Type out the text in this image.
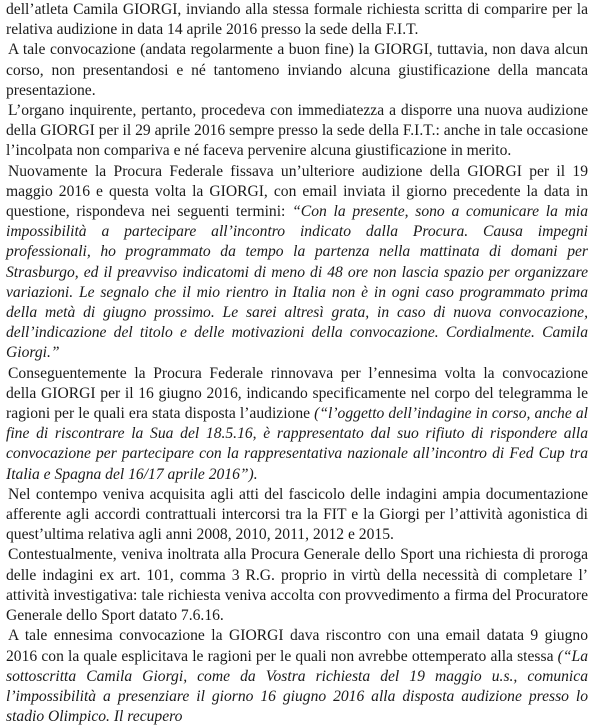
dell’atleta Camila GIORGI, inviando alla stessa formale richiesta scritta di comparire per la relativa audizione in data 14 aprile 2016 presso la sede della F.I.T.

A tale convocazione (andata regolarmente a buon fine) la GIORGI, tuttavia, non dava alcun corso, non presentandosi e né tantomeno inviando alcuna giustificazione della mancata presentazione.

L’organo inquirente, pertanto, procedeva con immediatezza a disporre una nuova audizione della GIORGI per il 29 aprile 2016 sempre presso la sede della F.I.T.: anche in tale occasione l’incolpata non compariva e né faceva pervenire alcuna giustificazione in merito.

Nuovamente la Procura Federale fissava un’ulteriore audizione della GIORGI per il 19 maggio 2016 e questa volta la GIORGI, con email inviata il giorno precedente la data in questione, rispondeva nei seguenti termini: “Con la presente, sono a comunicare la mia impossibilità a partecipare all’incontro indicato dalla Procura. Causa impegni professionali, ho programmato da tempo la partenza nella mattinata di domani per Strasburgo, ed il preavviso indicatomi di meno di 48 ore non lascia spazio per organizzare variazioni. Le segnalo che il mio rientro in Italia non è in ogni caso programmato prima della metà di giugno prossimo. Le sarei altresì grata, in caso di nuova convocazione, dell’indicazione del titolo e delle motivazioni della convocazione. Cordialmente. Camila Giorgi.”

Conseguentemente la Procura Federale rinnovava per l’ennesima volta la convocazione della GIORGI per il 16 giugno 2016, indicando specificamente nel corpo del telegramma le ragioni per le quali era stata disposta l’audizione (“l’oggetto dell’indagine in corso, anche al fine di riscontrare la Sua del 18.5.16, è rappresentato dal suo rifiuto di rispondere alla convocazione per partecipare con la rappresentativa nazionale all’incontro di Fed Cup tra Italia e Spagna del 16/17 aprile 2016”).

Nel contempo veniva acquisita agli atti del fascicolo delle indagini ampia documentazione afferente agli accordi contrattuali intercorsi tra la FIT e la Giorgi per l’attività agonistica di quest’ultima relativa agli anni 2008, 2010, 2011, 2012 e 2015.

Contestualmente, veniva inoltrata alla Procura Generale dello Sport una richiesta di proroga delle indagini ex art. 101, comma 3 R.G. proprio in virtù della necessità di completare l’ attività investigativa: tale richiesta veniva accolta con provvedimento a firma del Procuratore Generale dello Sport datato 7.6.16.

A tale ennesima convocazione la GIORGI dava riscontro con una email datata 9 giugno 2016 con la quale esplicitava le ragioni per le quali non avrebbe ottemperato alla stessa (“La sottoscritta Camila Giorgi, come da Vostra richiesta del 19 maggio u.s., comunica l’impossibilità a presenziare il giorno 16 giugno 2016 alla disposta audizione presso lo stadio Olimpico. Il recupero
